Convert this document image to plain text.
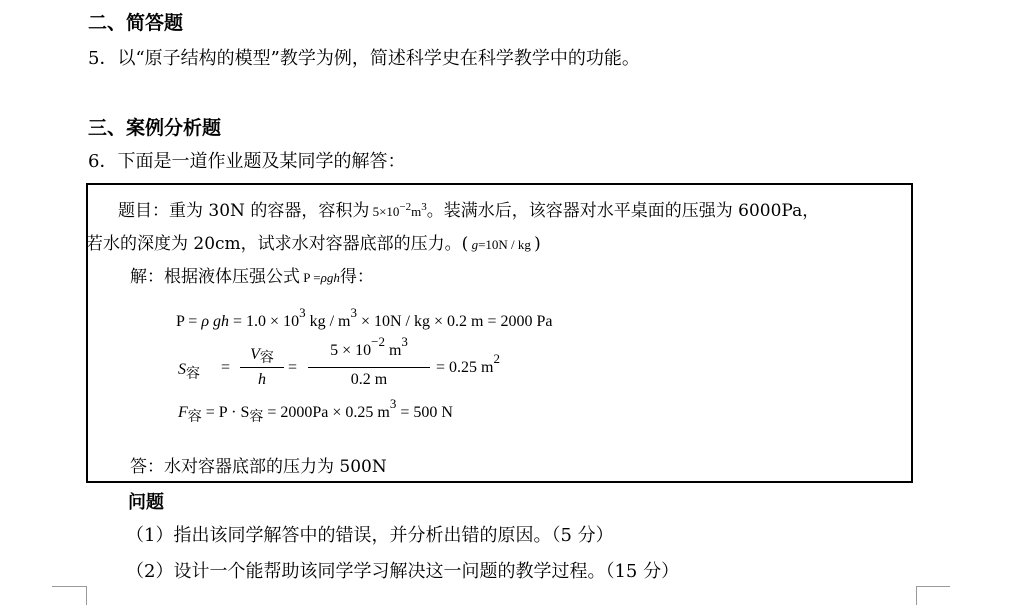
二、简答题
5．以“原子结构的模型”教学为例，简述科学史在科学教学中的功能。
三、案例分析题
6．下面是一道作业题及某同学的解答：
题目：重为 30N 的容器，容积为 $5\times 10^{-2}m^3$。装满水后，该容器对水平桌面的压强为 6000Pa，
若水的深度为 20cm，试求水对容器底部的压力。( g=10N / kg )
解：根据液体压强公式 P =ρgh得：
P = ρ gh = $1.0 \times 10^3$ kg / $m^3 \times 10N$ / kg × 0.2 m = 2000 Pa
S容 =
V容
h
=
$5 \times 10^{-2}$ $m^3$
0.2 m
= 0.25 $m^2$
F容 = P · S容 = 2000Pa × 0.25 $m^3 = 500$ N
答：水对容器底部的压力为 500N
问题
（1）指出该同学解答中的错误，并分析出错的原因。（5 分）
（2）设计一个能帮助该同学学习解决这一问题的教学过程。（15 分）
